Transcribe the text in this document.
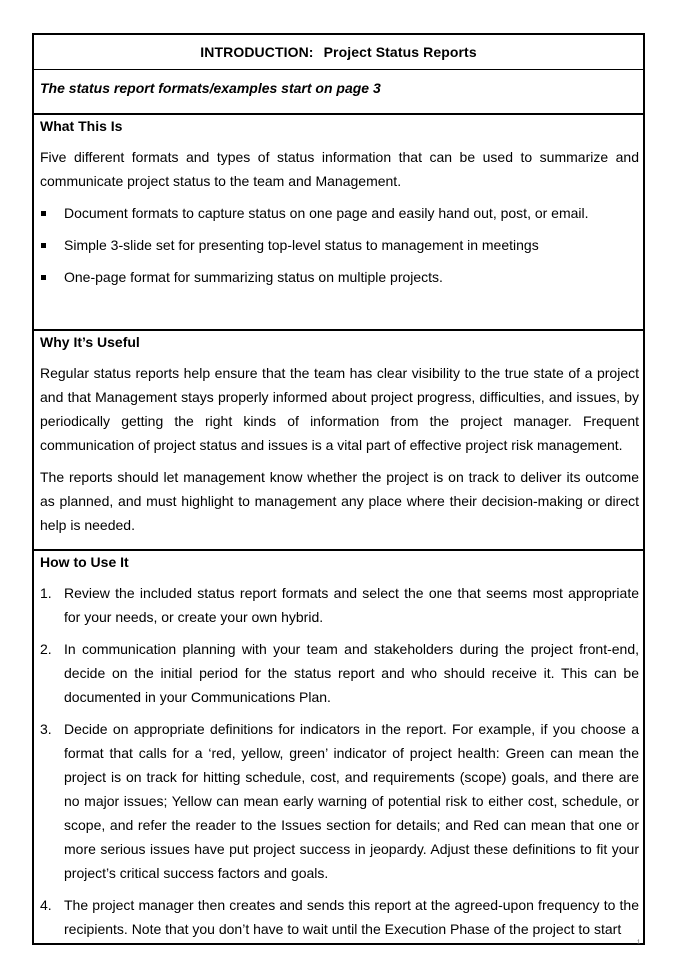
INTRODUCTION: Project Status Reports
The status report formats/examples start on page 3
What This Is

Five different formats and types of status information that can be used to summarize and communicate project status to the team and Management.

Document formats to capture status on one page and easily hand out, post, or email.
Simple 3-slide set for presenting top-level status to management in meetings
One-page format for summarizing status on multiple projects.
Why It’s Useful

Regular status reports help ensure that the team has clear visibility to the true state of a project and that Management stays properly informed about project progress, difficulties, and issues, by periodically getting the right kinds of information from the project manager. Frequent communication of project status and issues is a vital part of effective project risk management.

The reports should let management know whether the project is on track to deliver its outcome as planned, and must highlight to management any place where their decision-making or direct help is needed.

How to Use It
1. Review the included status report formats and select the one that seems most appropriate for your needs, or create your own hybrid.
2. In communication planning with your team and stakeholders during the project front-end, decide on the initial period for the status report and who should receive it. This can be documented in your Communications Plan.
3. Decide on appropriate definitions for indicators in the report. For example, if you choose a format that calls for a ‘red, yellow, green’ indicator of project health: Green can mean the project is on track for hitting schedule, cost, and requirements (scope) goals, and there are no major issues; Yellow can mean early warning of potential risk to either cost, schedule, or scope, and refer the reader to the Issues section for details; and Red can mean that one or more serious issues have put project success in jeopardy. Adjust these definitions to fit your project’s critical success factors and goals.
4. The project manager then creates and sends this report at the agreed-upon frequency to the recipients. Note that you don’t have to wait until the Execution Phase of the project to start
1
